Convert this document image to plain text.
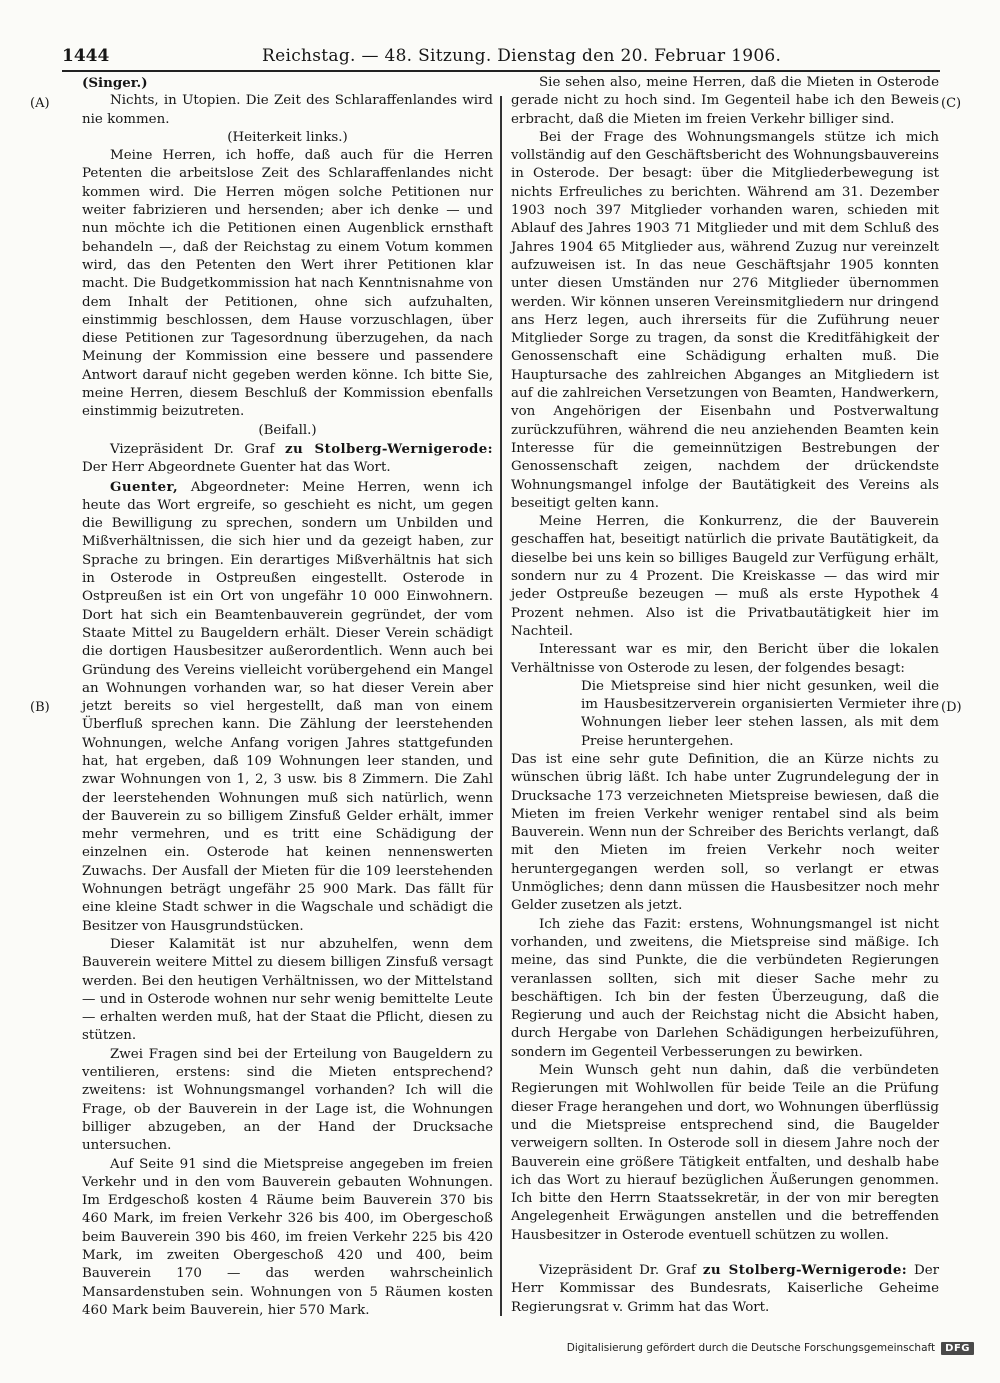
1444	Reichstag. — 48. Sitzung. Dienstag den 20. Februar 1906.
(A)
(B)
(C)
(D)

(Singer.)

Nichts, in Utopien. Die Zeit des Schlaraffenlandes wird nie kommen.

(Heiterkeit links.)

Meine Herren, ich hoffe, daß auch für die Herren Petenten die arbeitslose Zeit des Schlaraffenlandes nicht kommen wird. Die Herren mögen solche Petitionen nur weiter fabrizieren und hersenden; aber ich denke — und nun möchte ich die Petitionen einen Augenblick ernsthaft behandeln —, daß der Reichstag zu einem Votum kommen wird, das den Petenten den Wert ihrer Petitionen klar macht. Die Budgetkommission hat nach Kenntnisnahme von dem Inhalt der Petitionen, ohne sich aufzuhalten, einstimmig beschlossen, dem Hause vorzuschlagen, über diese Petitionen zur Tagesordnung überzugehen, da nach Meinung der Kommission eine bessere und passendere Antwort darauf nicht gegeben werden könne. Ich bitte Sie, meine Herren, diesem Beschluß der Kommission ebenfalls einstimmig beizutreten.

(Beifall.)

Vizepräsident Dr. Graf zu Stolberg-Wernigerode: Der Herr Abgeordnete Guenter hat das Wort.

Guenter, Abgeordneter: Meine Herren, wenn ich heute das Wort ergreife, so geschieht es nicht, um gegen die Bewilligung zu sprechen, sondern um Unbilden und Mißverhältnissen, die sich hier und da gezeigt haben, zur Sprache zu bringen. Ein derartiges Mißverhältnis hat sich in Osterode in Ostpreußen eingestellt. Osterode in Ostpreußen ist ein Ort von ungefähr 10 000 Einwohnern. Dort hat sich ein Beamtenbauverein gegründet, der vom Staate Mittel zu Baugeldern erhält. Dieser Verein schädigt die dortigen Hausbesitzer außerordentlich. Wenn auch bei Gründung des Vereins vielleicht vorübergehend ein Mangel an Wohnungen vorhanden war, so hat dieser Verein aber jetzt bereits so viel hergestellt, daß man von einem Überfluß sprechen kann. Die Zählung der leerstehenden Wohnungen, welche Anfang vorigen Jahres stattgefunden hat, hat ergeben, daß 109 Wohnungen leer standen, und zwar Wohnungen von 1, 2, 3 usw. bis 8 Zimmern. Die Zahl der leerstehenden Wohnungen muß sich natürlich, wenn der Bauverein zu so billigem Zinsfuß Gelder erhält, immer mehr vermehren, und es tritt eine Schädigung der einzelnen ein. Osterode hat keinen nennenswerten Zuwachs. Der Ausfall der Mieten für die 109 leerstehenden Wohnungen beträgt ungefähr 25 900 Mark. Das fällt für eine kleine Stadt schwer in die Wagschale und schädigt die Besitzer von Hausgrundstücken.

Dieser Kalamität ist nur abzuhelfen, wenn dem Bauverein weitere Mittel zu diesem billigen Zinsfuß versagt werden. Bei den heutigen Verhältnissen, wo der Mittelstand — und in Osterode wohnen nur sehr wenig bemittelte Leute — erhalten werden muß, hat der Staat die Pflicht, diesen zu stützen.

Zwei Fragen sind bei der Erteilung von Baugeldern zu ventilieren, erstens: sind die Mieten entsprechend? zweitens: ist Wohnungsmangel vorhanden? Ich will die Frage, ob der Bauverein in der Lage ist, die Wohnungen billiger abzugeben, an der Hand der Drucksache untersuchen.

Auf Seite 91 sind die Mietspreise angegeben im freien Verkehr und in den vom Bauverein gebauten Wohnungen. Im Erdgeschoß kosten 4 Räume beim Bauverein 370 bis 460 Mark, im freien Verkehr 326 bis 400, im Obergeschoß beim Bauverein 390 bis 460, im freien Verkehr 225 bis 420 Mark, im zweiten Obergeschoß 420 und 400, beim Bauverein 170 — das werden wahrscheinlich Mansardenstuben sein. Wohnungen von 5 Räumen kosten 460 Mark beim Bauverein, hier 570 Mark.

Sie sehen also, meine Herren, daß die Mieten in Osterode gerade nicht zu hoch sind. Im Gegenteil habe ich den Beweis erbracht, daß die Mieten im freien Verkehr billiger sind.

Bei der Frage des Wohnungsmangels stütze ich mich vollständig auf den Geschäftsbericht des Wohnungsbauvereins in Osterode. Der besagt: über die Mitgliederbewegung ist nichts Erfreuliches zu berichten. Während am 31. Dezember 1903 noch 397 Mitglieder vorhanden waren, schieden mit Ablauf des Jahres 1903 71 Mitglieder und mit dem Schluß des Jahres 1904 65 Mitglieder aus, während Zuzug nur vereinzelt aufzuweisen ist. In das neue Geschäftsjahr 1905 konnten unter diesen Umständen nur 276 Mitglieder übernommen werden. Wir können unseren Vereinsmitgliedern nur dringend ans Herz legen, auch ihrerseits für die Zuführung neuer Mitglieder Sorge zu tragen, da sonst die Kreditfähigkeit der Genossenschaft eine Schädigung erhalten muß. Die Hauptursache des zahlreichen Abganges an Mitgliedern ist auf die zahlreichen Versetzungen von Beamten, Handwerkern, von Angehörigen der Eisenbahn und Postverwaltung zurückzuführen, während die neu anziehenden Beamten kein Interesse für die gemeinnützigen Bestrebungen der Genossenschaft zeigen, nachdem der drückendste Wohnungsmangel infolge der Bautätigkeit des Vereins als beseitigt gelten kann.

Meine Herren, die Konkurrenz, die der Bauverein geschaffen hat, beseitigt natürlich die private Bautätigkeit, da dieselbe bei uns kein so billiges Baugeld zur Verfügung erhält, sondern nur zu 4 Prozent. Die Kreiskasse — das wird mir jeder Ostpreuße bezeugen — muß als erste Hypothek 4 Prozent nehmen. Also ist die Privatbautätigkeit hier im Nachteil.

Interessant war es mir, den Bericht über die lokalen Verhältnisse von Osterode zu lesen, der folgendes besagt:

Die Mietspreise sind hier nicht gesunken, weil die im Hausbesitzerverein organisierten Vermieter ihre Wohnungen lieber leer stehen lassen, als mit dem Preise heruntergehen.

Das ist eine sehr gute Definition, die an Kürze nichts zu wünschen übrig läßt. Ich habe unter Zugrundelegung der in Drucksache 173 verzeichneten Mietspreise bewiesen, daß die Mieten im freien Verkehr weniger rentabel sind als beim Bauverein. Wenn nun der Schreiber des Berichts verlangt, daß mit den Mieten im freien Verkehr noch weiter heruntergegangen werden soll, so verlangt er etwas Unmögliches; denn dann müssen die Hausbesitzer noch mehr Gelder zusetzen als jetzt.

Ich ziehe das Fazit: erstens, Wohnungsmangel ist nicht vorhanden, und zweitens, die Mietspreise sind mäßige. Ich meine, das sind Punkte, die die verbündeten Regierungen veranlassen sollten, sich mit dieser Sache mehr zu beschäftigen. Ich bin der festen Überzeugung, daß die Regierung und auch der Reichstag nicht die Absicht haben, durch Hergabe von Darlehen Schädigungen herbeizuführen, sondern im Gegenteil Verbesserungen zu bewirken.

Mein Wunsch geht nun dahin, daß die verbündeten Regierungen mit Wohlwollen für beide Teile an die Prüfung dieser Frage herangehen und dort, wo Wohnungen überflüssig und die Mietspreise entsprechend sind, die Baugelder verweigern sollten. In Osterode soll in diesem Jahre noch der Bauverein eine größere Tätigkeit entfalten, und deshalb habe ich das Wort zu hierauf bezüglichen Äußerungen genommen. Ich bitte den Herrn Staatssekretär, in der von mir beregten Angelegenheit Erwägungen anstellen und die betreffenden Hausbesitzer in Osterode eventuell schützen zu wollen.

Vizepräsident Dr. Graf zu Stolberg-Wernigerode: Der Herr Kommissar des Bundesrats, Kaiserliche Geheime Regierungsrat v. Grimm hat das Wort.

Digitalisierung gefördert durch die Deutsche Forschungsgemeinschaft	DFG
